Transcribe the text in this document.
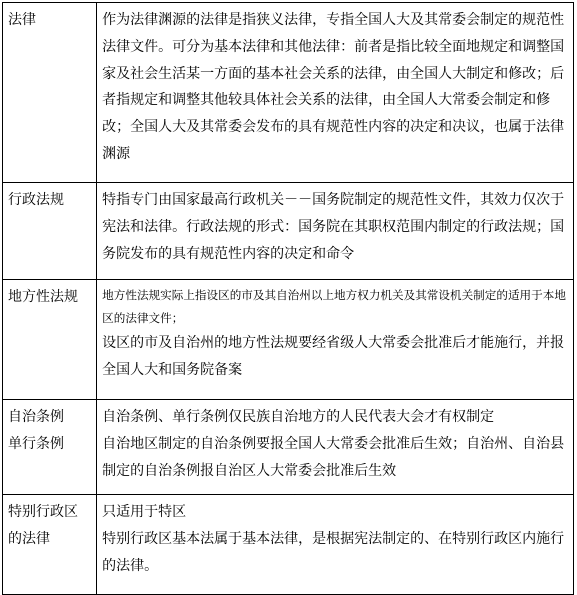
法律	作为法律渊源的法律是指狭义法律，专指全国人大及其常委会制定的规范性法律文件。可分为基本法律和其他法律：前者是指比较全面地规定和调整国家及社会生活某一方面的基本社会关系的法律，由全国人大制定和修改；后者指规定和调整其他较具体社会关系的法律，由全国人大常委会制定和修改；全国人大及其常委会发布的具有规范性内容的决定和决议，也属于法律渊源

行政法规	特指专门由国家最高行政机关－－国务院制定的规范性文件，其效力仅次于宪法和法律。行政法规的形式：国务院在其职权范围内制定的行政法规；国务院发布的具有规范性内容的决定和命令

地方性法规	地方性法规实际上指设区的市及其自治州以上地方权力机关及其常设机关制定的适用于本地区的法律文件；
设区的市及自治州的地方性法规要经省级人大常委会批准后才能施行，并报全国人大和国务院备案

自治条例
单行条例	自治条例、单行条例仅民族自治地方的人民代表大会才有权制定
自治地区制定的自治条例要报全国人大常委会批准后生效；自治州、自治县制定的自治条例报自治区人大常委会批准后生效

特别行政区
的法律	只适用于特区
特别行政区基本法属于基本法律，是根据宪法制定的、在特别行政区内施行的法律。
